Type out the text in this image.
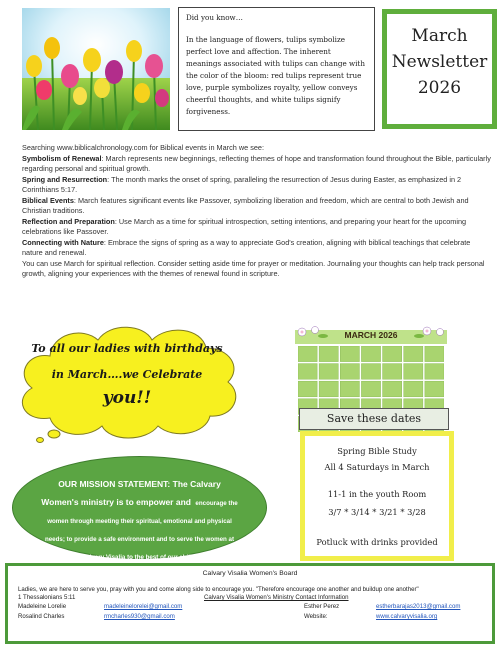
Did you know…
In the language of flowers, tulips symbolize perfect love and affection. The inherent meanings associated with tulips can change with the color of the bloom: red tulips represent true love, purple symbolizes royalty, yellow conveys cheerful thoughts, and white tulips signify forgiveness.
March
Newsletter
2026
Searching www.biblicalchronology.com for Biblical events in March we see:
Symbolism of Renewal: March represents new beginnings, reflecting themes of hope and transformation found throughout the Bible, particularly regarding personal and spiritual growth.
Spring and Resurrection: The month marks the onset of spring, paralleling the resurrection of Jesus during Easter, as emphasized in 2 Corinthians 5:17.
Biblical Events: March features significant events like Passover, symbolizing liberation and freedom, which are central to both Jewish and Christian traditions.
Reflection and Preparation: Use March as a time for spiritual introspection, setting intentions, and preparing your heart for the upcoming celebrations like Passover.
Connecting with Nature: Embrace the signs of spring as a way to appreciate God's creation, aligning with biblical teachings that celebrate nature and renewal.
You can use March for spiritual reflection. Consider setting aside time for prayer or meditation. Journaling your thoughts can help track personal growth, aligning your experiences with the themes of renewal found in scripture.
To all our ladies with birthdays
in March….we Celebrate
you!!
OUR MISSION STATEMENT: The Calvary Women's ministry is to empower and encourage the women through meeting their spiritual, emotional and physical needs; to provide a safe environment and to serve the women at Calvary Visalia to the best of our ability
MARCH 2026
Save these dates
Spring Bible Study
All 4 Saturdays in March
11-1 in the youth Room
3/7 * 3/14 * 3/21 * 3/28
Potluck with drinks provided
Calvary Visalia Women's Board
Ladies, we are here to serve you, pray with you and come along side to encourage you. "Therefore encourage one another and buildup one another"
1 Thessalonians 5:11	Calvary Visalia Women's Ministry Contact Information
Madeleine Lorelie	madeleinelorelei@gmail.com	Esther Perez	estherbarajas2013@gmail.com
Rosalind Charles	rmcharles930@gmail.com	Website:	www.calvaryvisalia.org
